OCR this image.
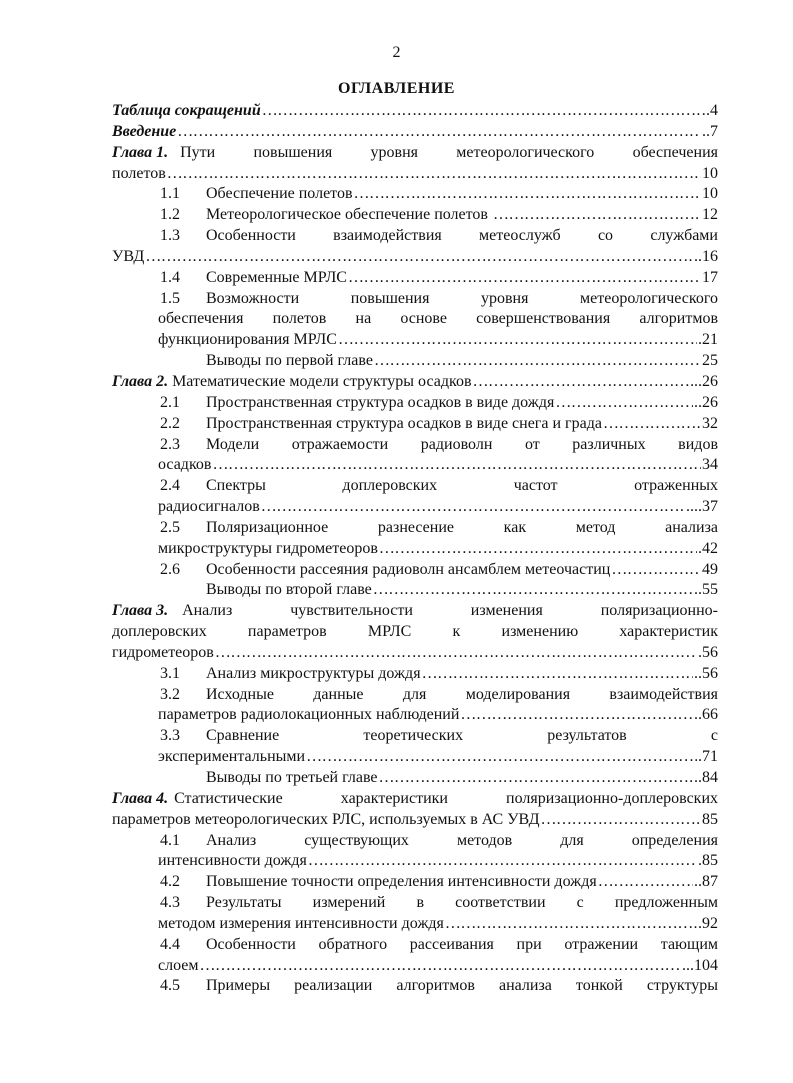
2
ОГЛАВЛЕНИЕ
Таблица сокращений ……………………………………………………………………………………………………………………………………………………………………………………	.4
Введение ……………………………………………………………………………………………………………………………………………………………………………………	..7
Глава 1. Пути повышения уровня метеорологического обеспечения
полетов ……………………………………………………………………………………………………………………………………………………………………………………	10
1.1	Обеспечение полетов ……………………………………………………………………………………………………………………………………………………………………………………	10
1.2	Метеорологическое обеспечение полетов ……………………………………………………………………………………………………………………………………………………………………………………	12
1.3	Особенности взаимодействия метеослужб со службами
УВД ……………………………………………………………………………………………………………………………………………………………………………………	..16
1.4	Современные МРЛС ……………………………………………………………………………………………………………………………………………………………………………………	17
1.5	Возможности повышения уровня метеорологического
обеспечения полетов на основе совершенствования алгоритмов
функционирования МРЛС ……………………………………………………………………………………………………………………………………………………………………………………	.21
Выводы по первой главе ……………………………………………………………………………………………………………………………………………………………………………………	25
Глава 2. Математические модели структуры осадков ……………………………………………………………………………………………………………………………………………………………………………………	..26
2.1	Пространственная структура осадков в виде дождя ……………………………………………………………………………………………………………………………………………………………………………………	..26
2.2	Пространственная структура осадков в виде снега и града ……………………………………………………………………………………………………………………………………………………………………………………	32
2.3	Модели отражаемости радиоволн от различных видов
осадков ……………………………………………………………………………………………………………………………………………………………………………………	34
2.4	Спектры доплеровских частот отраженных
радиосигналов ……………………………………………………………………………………………………………………………………………………………………………………	....37
2.5	Поляризационное разнесение как метод анализа
микроструктуры гидрометеоров ……………………………………………………………………………………………………………………………………………………………………………………	.42
2.6	Особенности рассеяния радиоволн ансамблем метеочастиц ……………………………………………………………………………………………………………………………………………………………………………………	49
Выводы по второй главе ……………………………………………………………………………………………………………………………………………………………………………………	..55
Глава 3. Анализ чувствительности изменения поляризационно-
доплеровских параметров МРЛС к изменению характеристик
гидрометеоров ……………………………………………………………………………………………………………………………………………………………………………………	.56
3.1	Анализ микроструктуры дождя ……………………………………………………………………………………………………………………………………………………………………………………	..56
3.2	Исходные данные для моделирования взаимодействия
параметров радиолокационных наблюдений ……………………………………………………………………………………………………………………………………………………………………………………	..66
3.3	Сравнение теоретических результатов с
экспериментальными ……………………………………………………………………………………………………………………………………………………………………………………	.71
Выводы по третьей главе ……………………………………………………………………………………………………………………………………………………………………………………	..84
Глава 4. Статистические характеристики поляризационно-доплеровских
параметров метеорологических РЛС, используемых в АС УВД ……………………………………………………………………………………………………………………………………………………………………………………	85
4.1	Анализ существующих методов для определения
интенсивности дождя ……………………………………………………………………………………………………………………………………………………………………………………	.85
4.2	Повышение точности определения интенсивности дождя ……………………………………………………………………………………………………………………………………………………………………………………	..87
4.3	Результаты измерений в соответствии с предложенным
методом измерения интенсивности дождя ……………………………………………………………………………………………………………………………………………………………………………………	.92
4.4	Особенности обратного рассеивания при отражении тающим
слоем ……………………………………………………………………………………………………………………………………………………………………………………	...104
4.5	Примеры реализации алгоритмов анализа тонкой структуры
